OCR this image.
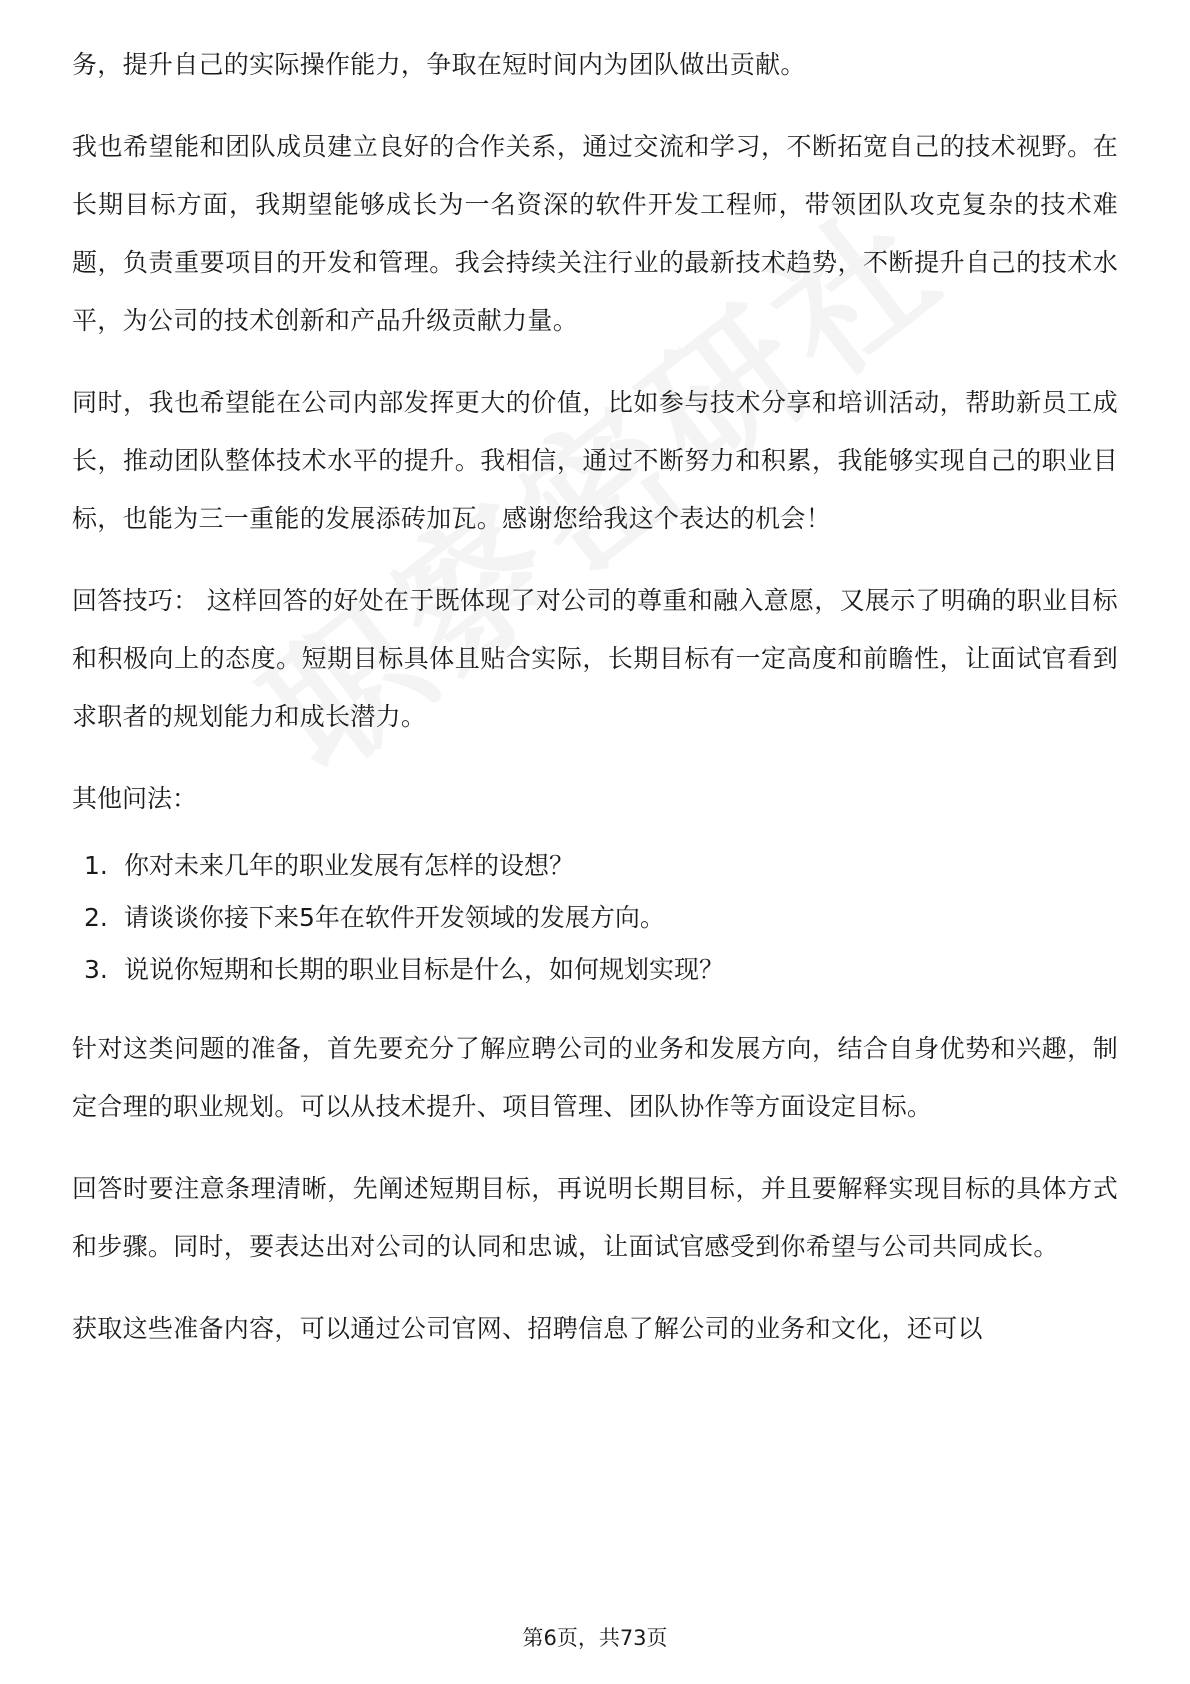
务，提升自己的实际操作能力，争取在短时间内为团队做出贡献。

我也希望能和团队成员建立良好的合作关系，通过交流和学习，不断拓宽自己的技术视野。在长期目标方面，我期望能够成长为一名资深的软件开发工程师，带领团队攻克复杂的技术难题，负责重要项目的开发和管理。我会持续关注行业的最新技术趋势，不断提升自己的技术水平，为公司的技术创新和产品升级贡献力量。

同时，我也希望能在公司内部发挥更大的价值，比如参与技术分享和培训活动，帮助新员工成长，推动团队整体技术水平的提升。我相信，通过不断努力和积累，我能够实现自己的职业目标，也能为三一重能的发展添砖加瓦。感谢您给我这个表达的机会！

回答技巧： 这样回答的好处在于既体现了对公司的尊重和融入意愿，又展示了明确的职业目标和积极向上的态度。短期目标具体且贴合实际，长期目标有一定高度和前瞻性，让面试官看到求职者的规划能力和成长潜力。

其他问法：
1. 你对未来几年的职业发展有怎样的设想？
2. 请谈谈你接下来5年在软件开发领域的发展方向。
3. 说说你短期和长期的职业目标是什么，如何规划实现？

针对这类问题的准备，首先要充分了解应聘公司的业务和发展方向，结合自身优势和兴趣，制定合理的职业规划。可以从技术提升、项目管理、团队协作等方面设定目标。

回答时要注意条理清晰，先阐述短期目标，再说明长期目标，并且要解释实现目标的具体方式和步骤。同时，要表达出对公司的认同和忠诚，让面试官感受到你希望与公司共同成长。

获取这些准备内容，可以通过公司官网、招聘信息了解公司的业务和文化，还可以

第6页，共73页
